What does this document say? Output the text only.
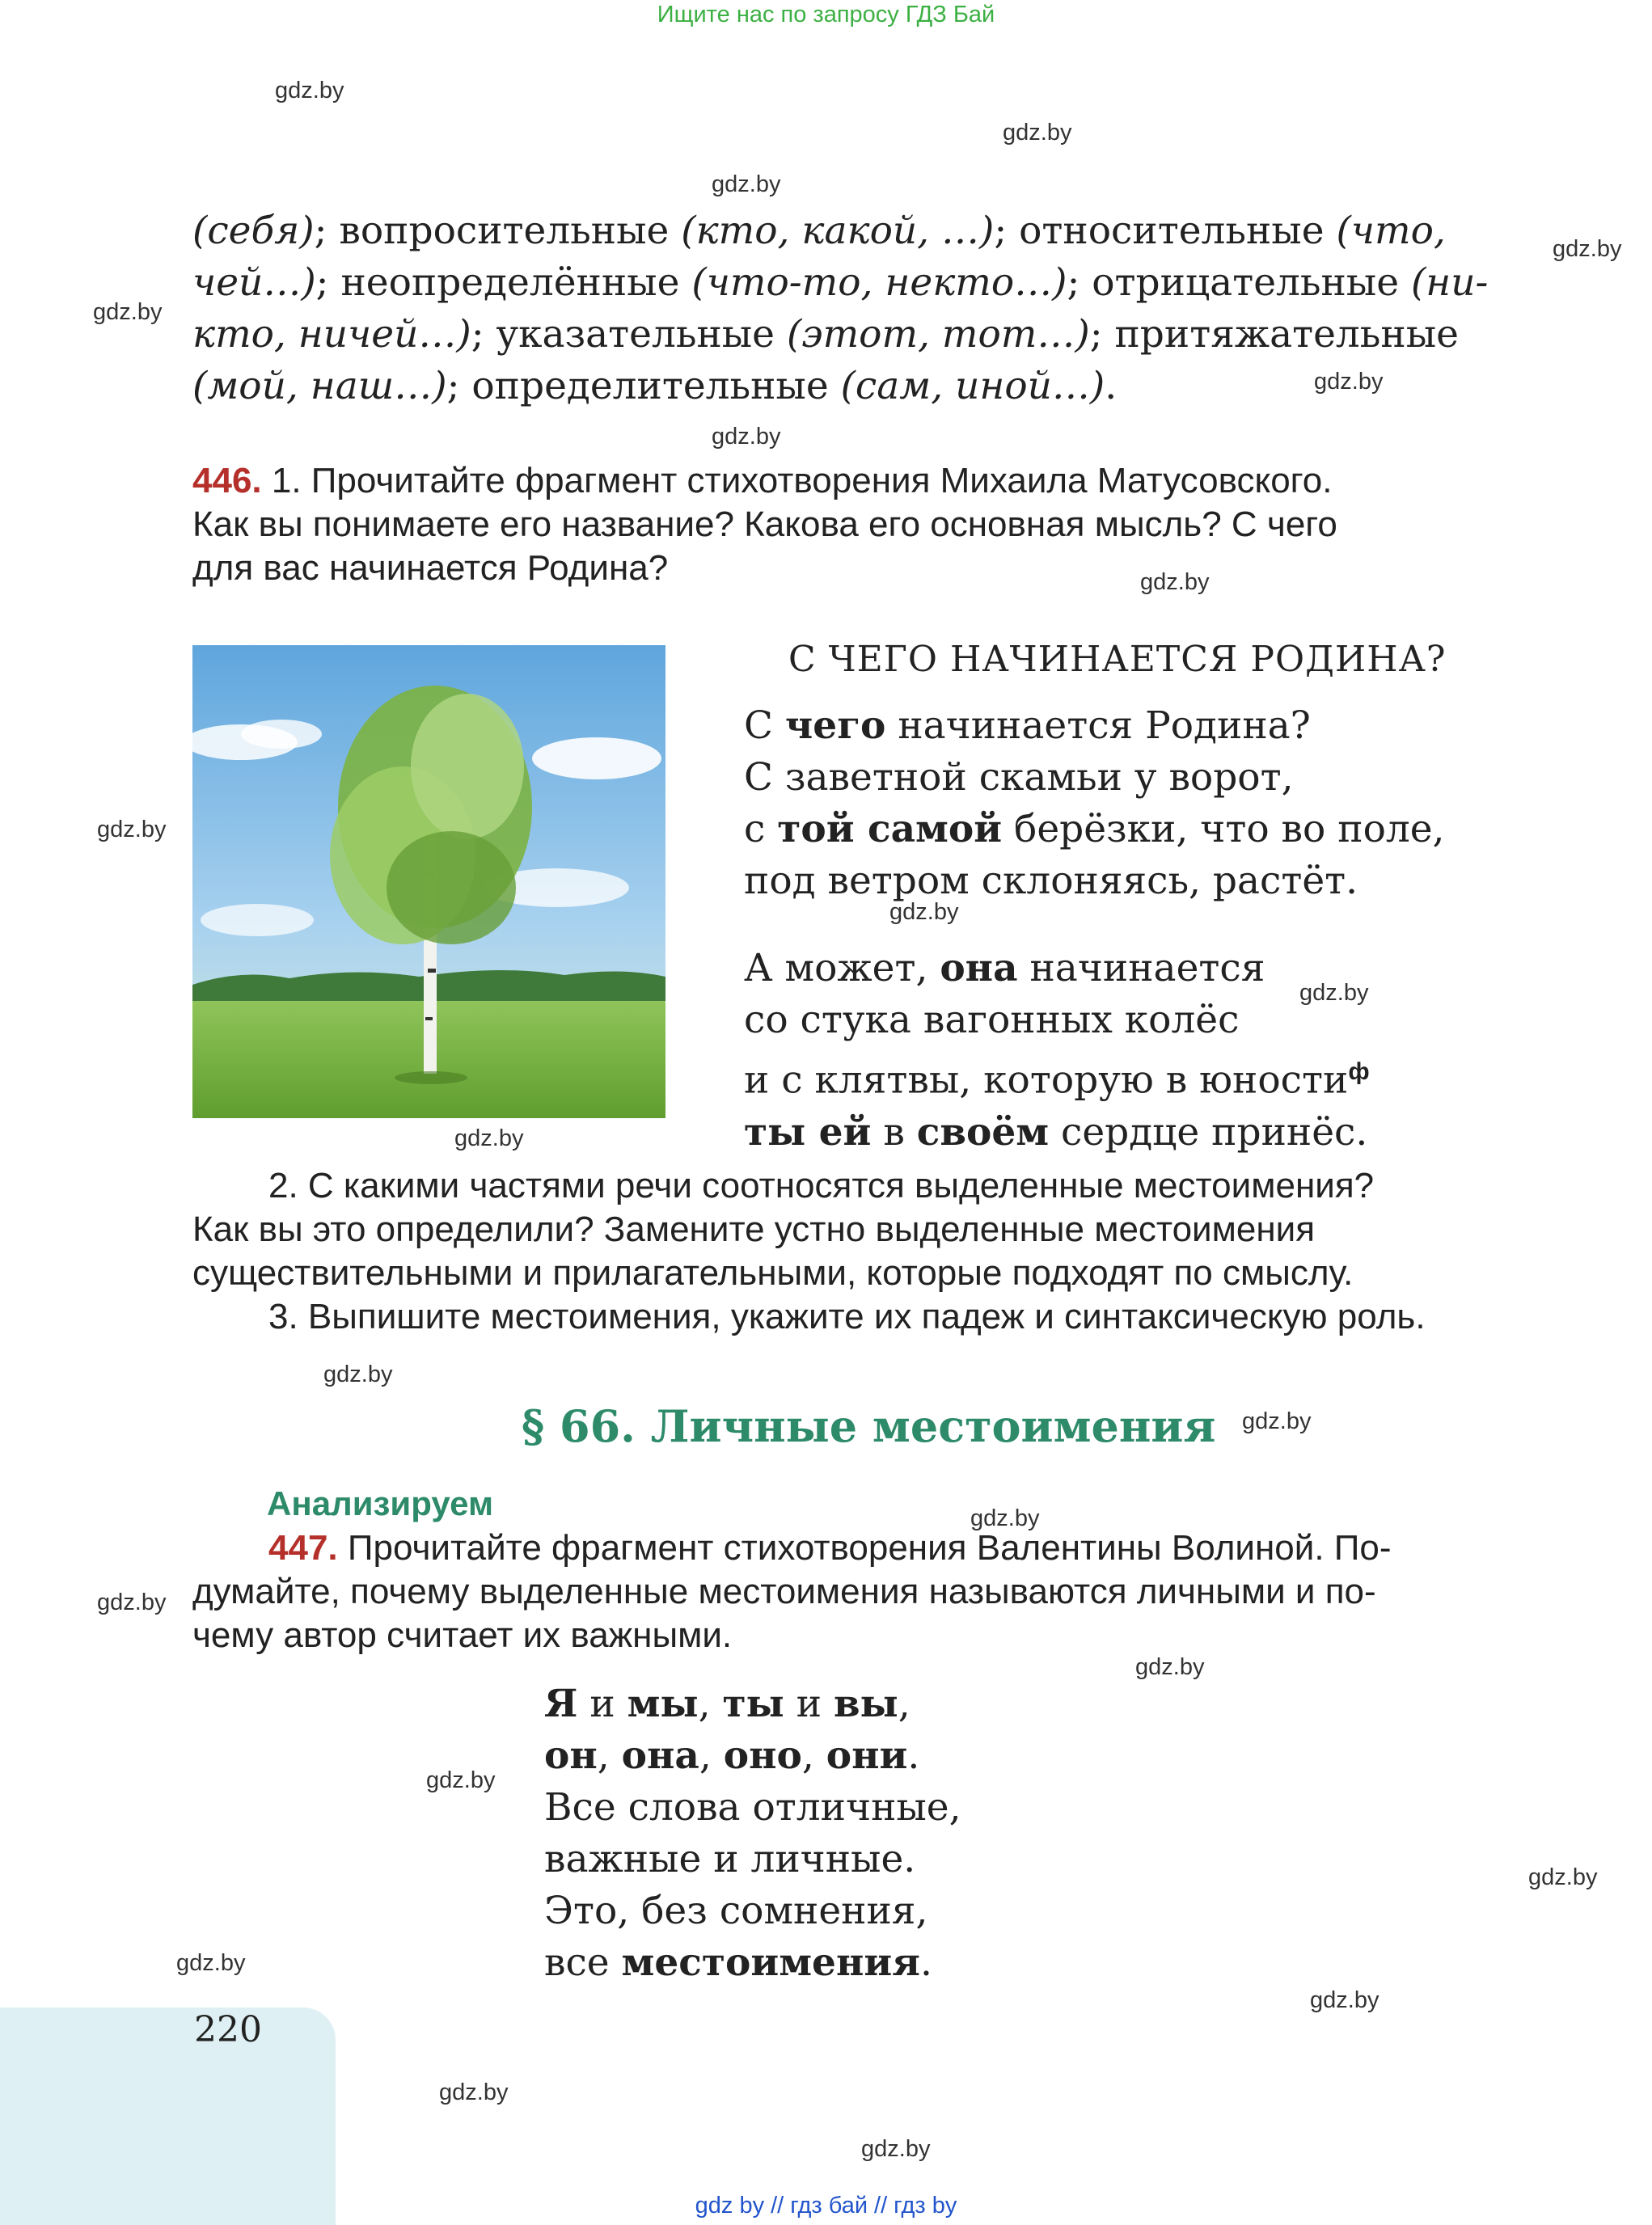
Ищите нас по запросу ГДЗ Бай
gdz.by
gdz.by
gdz.by
gdz.by
gdz.by
gdz.by
gdz.by
gdz.by
gdz.by
gdz.by
gdz.by
gdz.by
gdz.by
gdz.by
gdz.by
gdz.by
gdz.by
gdz.by
gdz.by
gdz.by
gdz.by
gdz.by
gdz.by

(себя); вопросительные (кто, какой, …); относительные (что,

чей…); неопределённые (что-то, некто…); отрицательные (ни-

кто, ничей…); указательные (этот, тот…); притяжательные

(мой, наш…); определительные (сам, иной…).

446. 1. Прочитайте фрагмент стихотворения Михаила Матусовского.

Как вы понимаете его название? Какова его основная мысль? С чего

для вас начинается Родина?

С ЧЕГО НАЧИНАЕТСЯ РОДИНА?

С чего начинается Родина?

С заветной скамьи у ворот,

с той самой берёзки, что во поле,

под ветром склоняясь, растёт.

А может, она начинается

со стука вагонных колёс

и с клятвы, которую в юности$^ф$

ты ей в своём сердце принёс.

2. С какими частями речи соотносятся выделенные местоимения?

Как вы это определили? Замените устно выделенные местоимения

существительными и прилагательными, которые подходят по смыслу.

3. Выпишите местоимения, укажите их падеж и синтаксическую роль.

§ 66. Личные местоимения
Анализируем

447. Прочитайте фрагмент стихотворения Валентины Волиной. По-

думайте, почему выделенные местоимения называются личными и по-

чему автор считает их важными.

Я и мы, ты и вы,

он, она, оно, они.

Все слова отличные,

важные и личные.

Это, без сомнения,

все местоимения.

220
gdz by // гдз бай // гдз by
